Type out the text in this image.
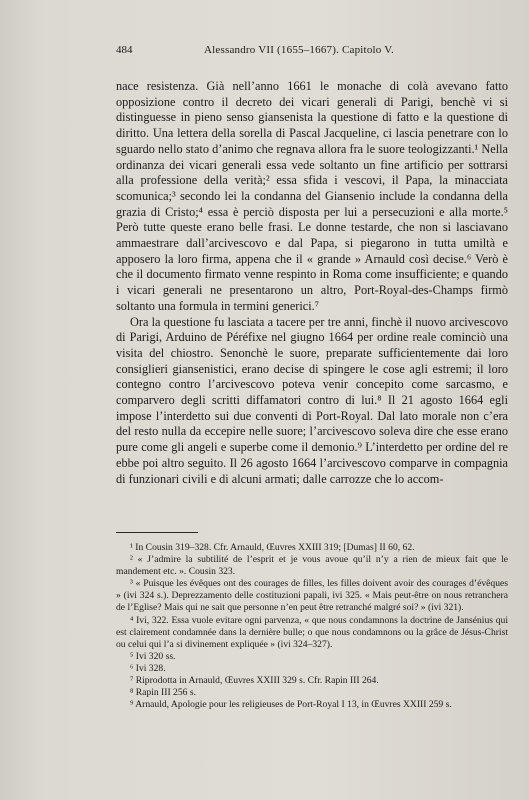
484	Alessandro VII (1655–1667). Capitolo V.

nace resistenza. Già nell’anno 1661 le monache di colà avevano fatto opposizione contro il decreto dei vicari generali di Parigi, benchè vi si distinguesse in pieno senso giansenista la questione di fatto e la questione di diritto. Una lettera della sorella di Pascal Jacqueline, ci lascia penetrare con lo sguardo nello stato d’animo che regnava allora fra le suore teologizzanti.¹ Nella ordinanza dei vicari generali essa vede soltanto un fine artificio per sottrarsi alla professione della verità;² essa sfida i vescovi, il Papa, la minacciata scomunica;³ secondo lei la condanna del Giansenio include la condanna della grazia di Cristo;⁴ essa è perciò disposta per lui a persecuzioni e alla morte.⁵ Però tutte queste erano belle frasi. Le donne testarde, che non si lasciavano ammaestrare dall’arcivescovo e dal Papa, si piegarono in tutta umiltà e apposero la loro firma, appena che il « grande » Arnauld così decise.⁶ Verò è che il documento firmato venne respinto in Roma come insufficiente; e quando i vicari generali ne presentarono un altro, Port-Royal-des-Champs firmò soltanto una formula in termini generici.⁷

Ora la questione fu lasciata a tacere per tre anni, finchè il nuovo arcivescovo di Parigi, Arduino de Péréfixe nel giugno 1664 per ordine reale cominciò una visita del chiostro. Senonchè le suore, preparate sufficientemente dai loro consiglieri giansenistici, erano decise di spingere le cose agli estremi; il loro contegno contro l’arcivescovo poteva venir concepito come sarcasmo, e comparvero degli scritti diffamatori contro di lui.⁸ Il 21 agosto 1664 egli impose l’interdetto sui due conventi di Port-Royal. Dal lato morale non c’era del resto nulla da eccepire nelle suore; l’arcivescovo soleva dire che esse erano pure come gli angeli e superbe come il demonio.⁹ L’interdetto per ordine del re ebbe poi altro seguito. Il 26 agosto 1664 l’arcivescovo comparve in compagnia di funzionari civili e di alcuni armati; dalle carrozze che lo accom-

¹ In Cousin 319–328. Cfr. Arnauld, Œuvres XXIII 319; [Dumas] II 60, 62.

² « J’admire la subtilité de l’esprit et je vous avoue qu’il n’y a rien de mieux fait que le mandement etc. ». Cousin 323.

³ « Puisque les évêques ont des courages de filles, les filles doivent avoir des courages d’évêques » (ivi 324 s.). Deprezzamento delle costituzioni papali, ivi 325. « Mais peut-être on nous retranchera de l’Eglise? Mais qui ne sait que personne n’en peut être retranché malgré soi? » (ivi 321).

⁴ Ivi, 322. Essa vuole evitare ogni parvenza, « que nous condamnons la doctrine de Jansénius qui est clairement condamnée dans la dernière bulle; o que nous condamnons ou la grâce de Jésus-Christ ou celui qui l’a si divinement expliquée » (ivi 324–327).

⁵ Ivi 320 ss.

⁶ Ivi 328.

⁷ Riprodotta in Arnauld, Œuvres XXIII 329 s. Cfr. Rapin III 264.

⁸ Rapin III 256 s.

⁹ Arnauld, Apologie pour les religieuses de Port-Royal I 13, in Œuvres XXIII 259 s.
